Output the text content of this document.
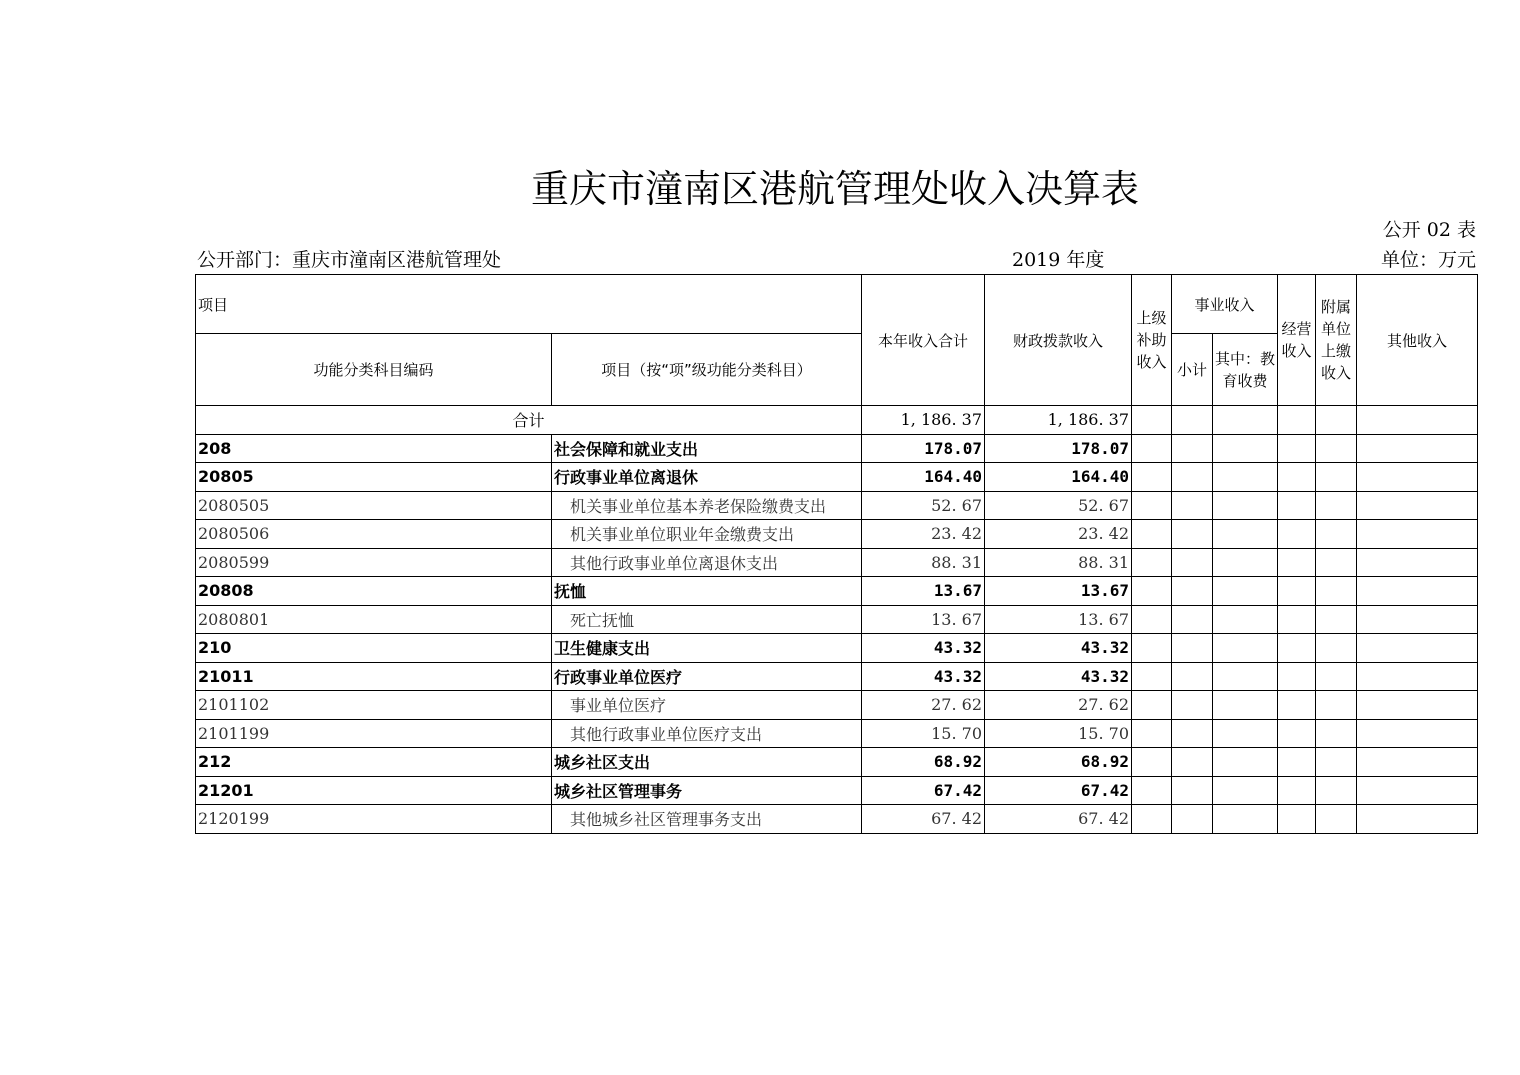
重庆市潼南区港航管理处收入决算表
公开 02 表
公开部门：重庆市潼南区港航管理处	2019 年度	单位：万元
项目		本年收入合计	财政拨款收入	上级补助收入	事业收入		经营收入	附属单位上缴收入	其他收入
功能分类科目编码	项目（按“项”级功能分类科目）				小计	其中：教育收费			
合计		1, 186. 37	1, 186. 37						
208	社会保障和就业支出	178.07	178.07						
20805	行政事业单位离退休	164.40	164.40						
2080505	机关事业单位基本养老保险缴费支出	52. 67	52. 67						
2080506	机关事业单位职业年金缴费支出	23. 42	23. 42						
2080599	其他行政事业单位离退休支出	88. 31	88. 31						
20808	抚恤	13.67	13.67						
2080801	死亡抚恤	13. 67	13. 67						
210	卫生健康支出	43.32	43.32						
21011	行政事业单位医疗	43.32	43.32						
2101102	事业单位医疗	27. 62	27. 62						
2101199	其他行政事业单位医疗支出	15. 70	15. 70						
212	城乡社区支出	68.92	68.92						
21201	城乡社区管理事务	67.42	67.42						
2120199	其他城乡社区管理事务支出	67. 42	67. 42						
